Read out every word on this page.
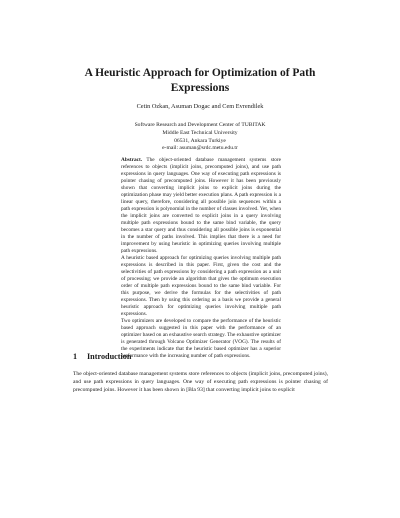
A Heuristic Approach for Optimization of Path
Expressions
Cetin Ozkan, Asuman Dogac and Cem Evrendilek
Software Research and Development Center of TUBITAK
Middle East Technical University
06531, Ankara Turkiye
e-mail: asuman@srdc.metu.edu.tr

Abstract. The object-oriented database management systems store references to objects (implicit joins, precomputed joins), and use path expressions in query languages. One way of executing path expressions is pointer chasing of precomputed joins. However it has been previously shown that converting implicit joins to explicit joins during the optimization phase may yield better execution plans. A path expression is a linear query, therefore, considering all possible join sequences within a path expression is polynomial in the number of classes involved. Yet, when the implicit joins are converted to explicit joins in a query involving multiple path expressions bound to the same bind variable, the query becomes a star query and thus considering all possible joins is exponential in the number of paths involved. This implies that there is a need for improvement by using heuristic in optimizing queries involving multiple path expressions.

A heuristic based approach for optimizing queries involving multiple path expressions is described in this paper. First, given the cost and the selectivities of path expressions by considering a path expression as a unit of processing; we provide an algorithm that gives the optimum execution order of multiple path expressions bound to the same bind variable. For this purpose, we derive the formulas for the selectivities of path expressions. Then by using this ordering as a basis we provide a general heuristic approach for optimizing queries involving multiple path expressions.

Two optimizers are developed to compare the performance of the heuristic based approach suggested in this paper with the performance of an optimizer based on an exhaustive search strategy. The exhaustive optimizer is generated through Volcano Optimizer Generator (VOG). The results of the experiments indicate that the heuristic based optimizer has a superior performance with the increasing number of path expressions.

1 Introduction

The object-oriented database management systems store references to objects (implicit joins, precomputed joins), and use path expressions in query languages. One way of executing path expressions is pointer chasing of precomputed joins. However it has been shown in [Bla 93] that converting implicit joins to explicit
